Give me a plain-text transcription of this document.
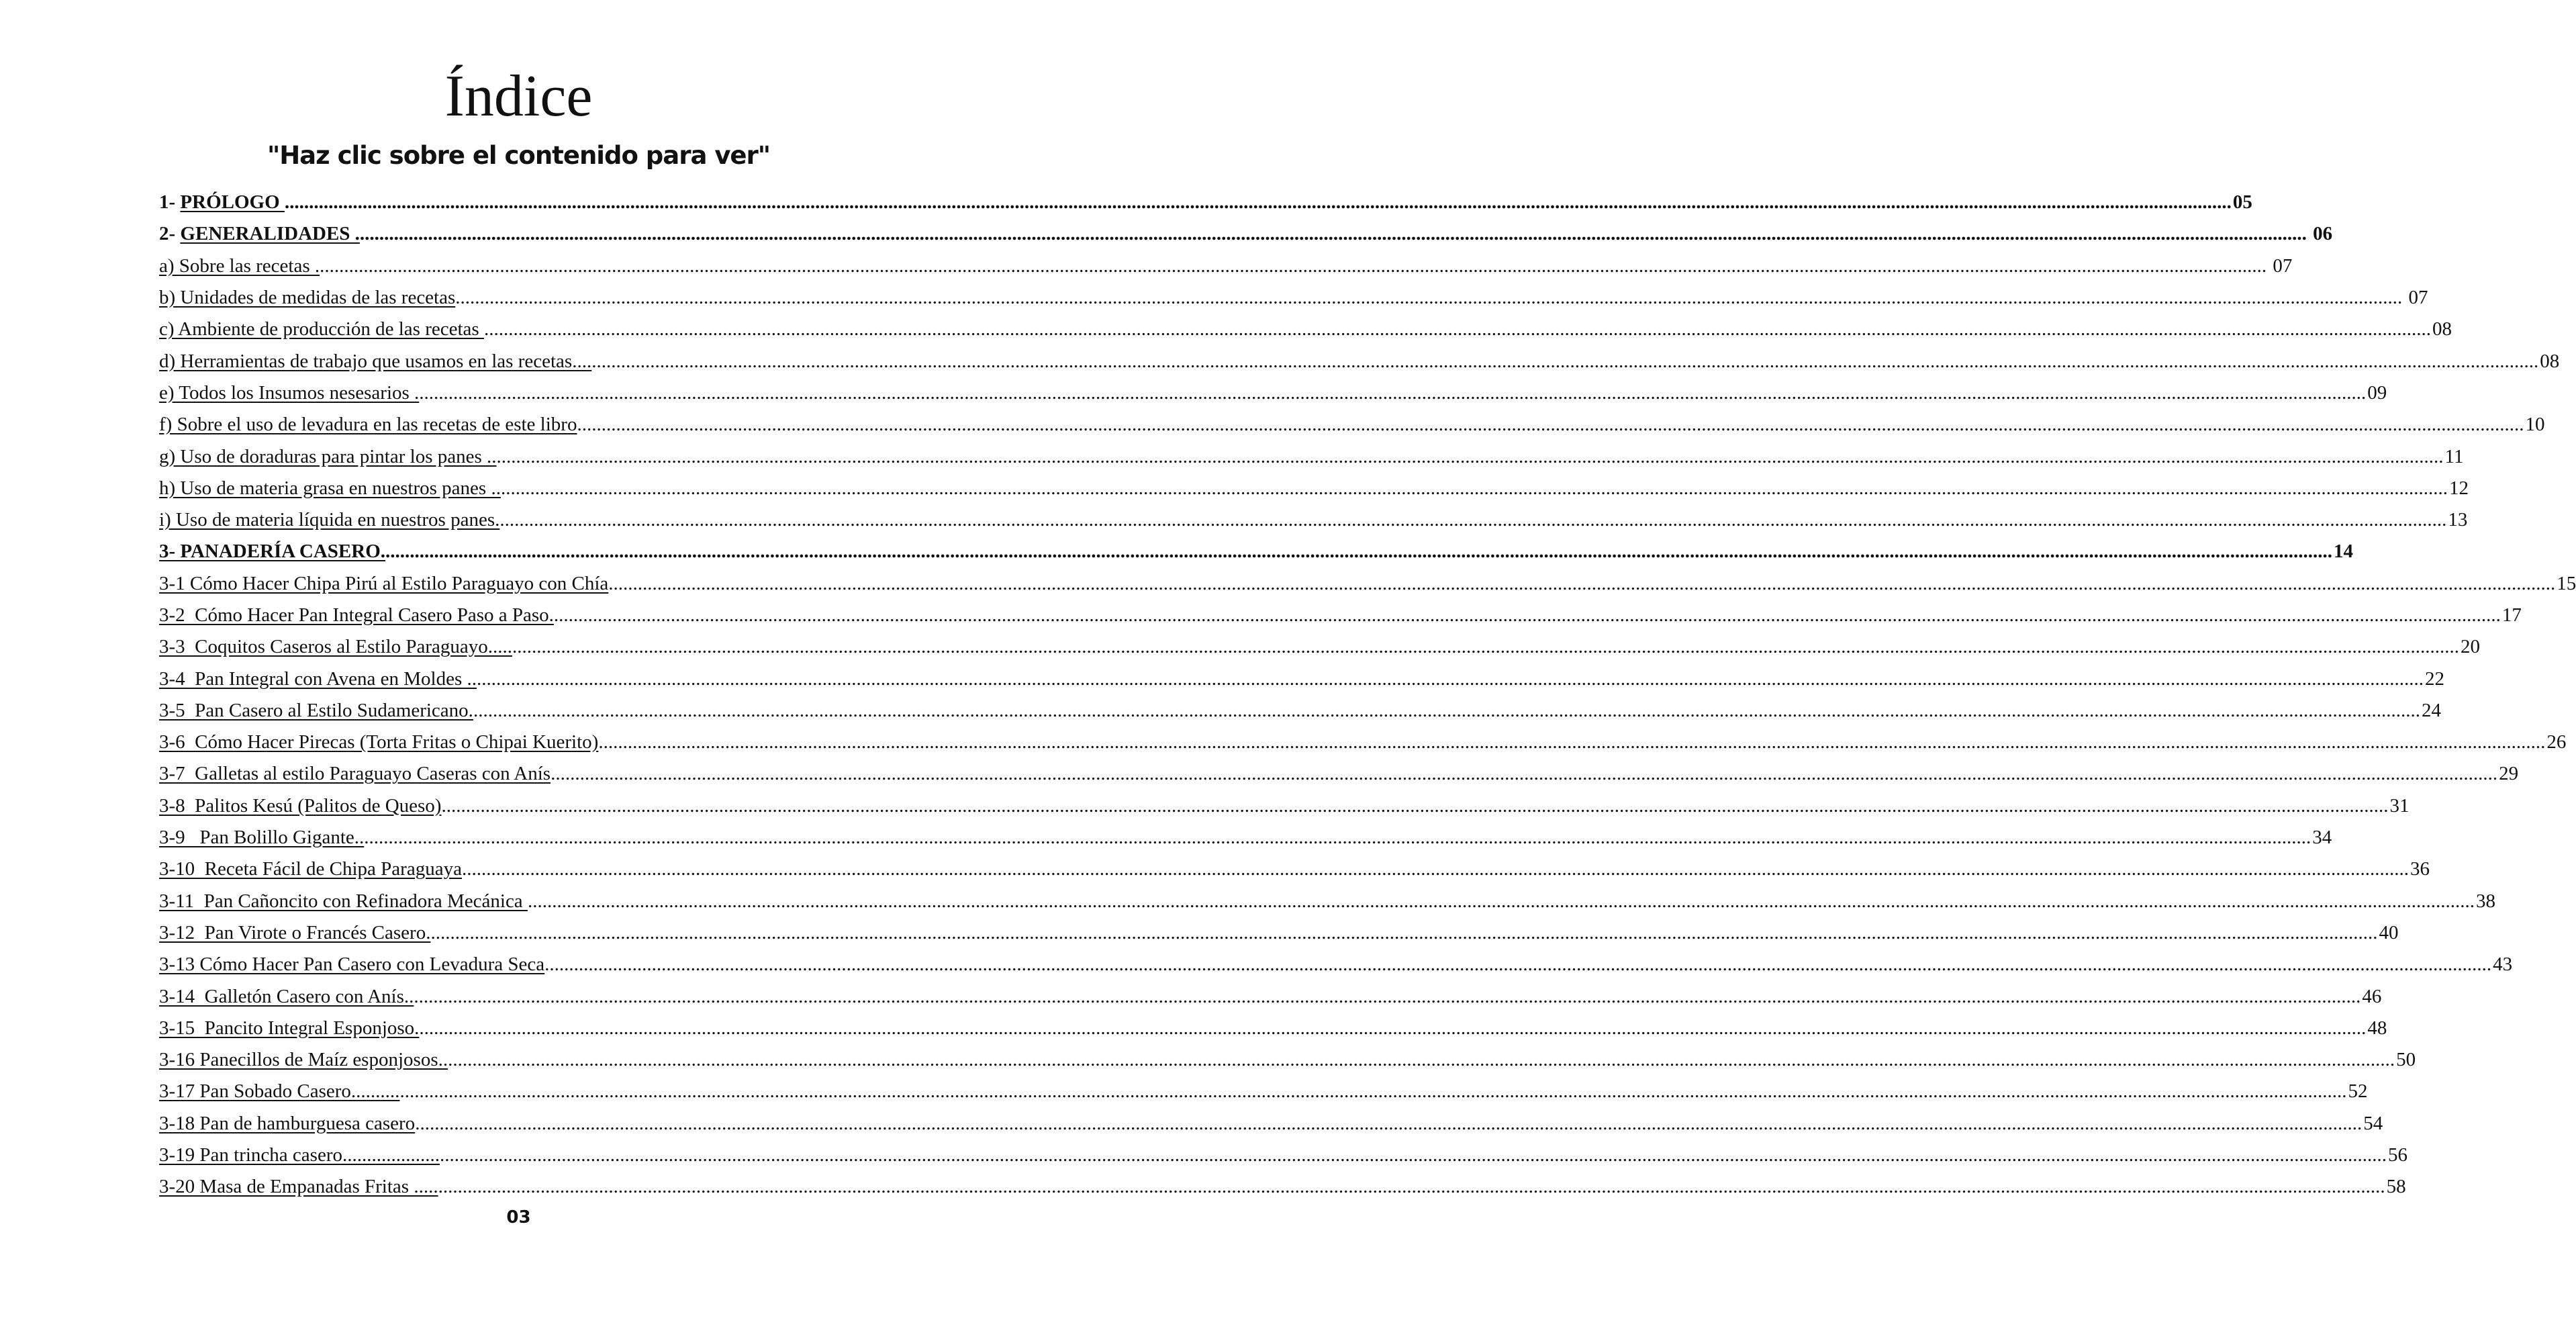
Índice
"Haz clic sobre el contenido para ver"
1- PRÓLOGO ................................................................................................................................................................................................................................................................................................................................................................................................................ 05
2- GENERALIDADES . ................................................................................................................................................................................................................................................................................................................................................................................................................ 06
a) Sobre las recetas . ................................................................................................................................................................................................................................................................................................................................................................................................................ 07
b) Unidades de medidas de las recetas ................................................................................................................................................................................................................................................................................................................................................................................................................ 07
c) Ambiente de producción de las recetas ................................................................................................................................................................................................................................................................................................................................................................................................................ 08
d) Herramientas de trabajo que usamos en las recetas.... ................................................................................................................................................................................................................................................................................................................................................................................................................ 08
e) Todos los Insumos nesesarios . ................................................................................................................................................................................................................................................................................................................................................................................................................ 09
f) Sobre el uso de levadura en las recetas de este libro ................................................................................................................................................................................................................................................................................................................................................................................................................ 10
g) Uso de doraduras para pintar los panes .. ................................................................................................................................................................................................................................................................................................................................................................................................................ 11
h) Uso de materia grasa en nuestros panes .. ................................................................................................................................................................................................................................................................................................................................................................................................................ 12
i) Uso de materia líquida en nuestros panes. ................................................................................................................................................................................................................................................................................................................................................................................................................ 13
3- PANADERÍA CASERO. ................................................................................................................................................................................................................................................................................................................................................................................................................ 14
3-1 Cómo Hacer Chipa Pirú al Estilo Paraguayo con Chía ................................................................................................................................................................................................................................................................................................................................................................................................................ 15
3-2  Cómo Hacer Pan Integral Casero Paso a Paso. ................................................................................................................................................................................................................................................................................................................................................................................................................ 17
3-3  Coquitos Caseros al Estilo Paraguayo..... ................................................................................................................................................................................................................................................................................................................................................................................................................ 20
3-4  Pan Integral con Avena en Moldes .. ................................................................................................................................................................................................................................................................................................................................................................................................................ 22
3-5  Pan Casero al Estilo Sudamericano. ................................................................................................................................................................................................................................................................................................................................................................................................................ 24
3-6  Cómo Hacer Pirecas (Torta Fritas o Chipai Kuerito) ................................................................................................................................................................................................................................................................................................................................................................................................................ 26
3-7  Galletas al estilo Paraguayo Caseras con Anís ................................................................................................................................................................................................................................................................................................................................................................................................................ 29
3-8  Palitos Kesú (Palitos de Queso) ................................................................................................................................................................................................................................................................................................................................................................................................................ 31
3-9   Pan Bolillo Gigante.. ................................................................................................................................................................................................................................................................................................................................................................................................................ 34
3-10  Receta Fácil de Chipa Paraguaya ................................................................................................................................................................................................................................................................................................................................................................................................................ 36
3-11  Pan Cañoncito con Refinadora Mecánica ................................................................................................................................................................................................................................................................................................................................................................................................................ 38
3-12  Pan Virote o Francés Casero. ................................................................................................................................................................................................................................................................................................................................................................................................................ 40
3-13 Cómo Hacer Pan Casero con Levadura Seca ................................................................................................................................................................................................................................................................................................................................................................................................................ 43
3-14  Galletón Casero con Anís.. ................................................................................................................................................................................................................................................................................................................................................................................................................ 46
3-15  Pancito Integral Esponjoso. ................................................................................................................................................................................................................................................................................................................................................................................................................ 48
3-16 Panecillos de Maíz esponjosos.. ................................................................................................................................................................................................................................................................................................................................................................................................................ 50
3-17 Pan Sobado Casero.......... ................................................................................................................................................................................................................................................................................................................................................................................................................ 52
3-18 Pan de hamburguesa casero ................................................................................................................................................................................................................................................................................................................................................................................................................ 54
3-19 Pan trincha casero.................... ................................................................................................................................................................................................................................................................................................................................................................................................................ 56
3-20 Masa de Empanadas Fritas ..... ................................................................................................................................................................................................................................................................................................................................................................................................................ 58
03
